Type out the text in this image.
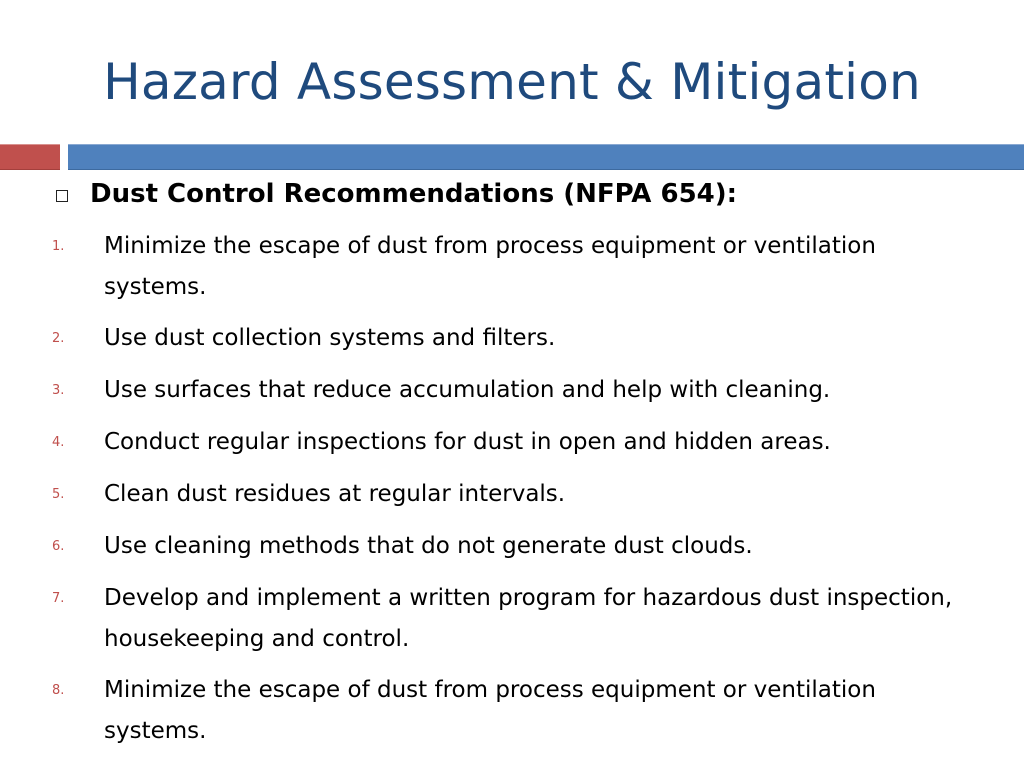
Hazard Assessment & Mitigation
Dust Control Recommendations (NFPA 654):
1.	Minimize the escape of dust from process equipment or ventilation systems.
2.	Use dust collection systems and filters.
3.	Use surfaces that reduce accumulation and help with cleaning.
4.	Conduct regular inspections for dust in open and hidden areas.
5.	Clean dust residues at regular intervals.
6.	Use cleaning methods that do not generate dust clouds.
7.	Develop and implement a written program for hazardous dust inspection, housekeeping and control.
8.	Minimize the escape of dust from process equipment or ventilation systems.
